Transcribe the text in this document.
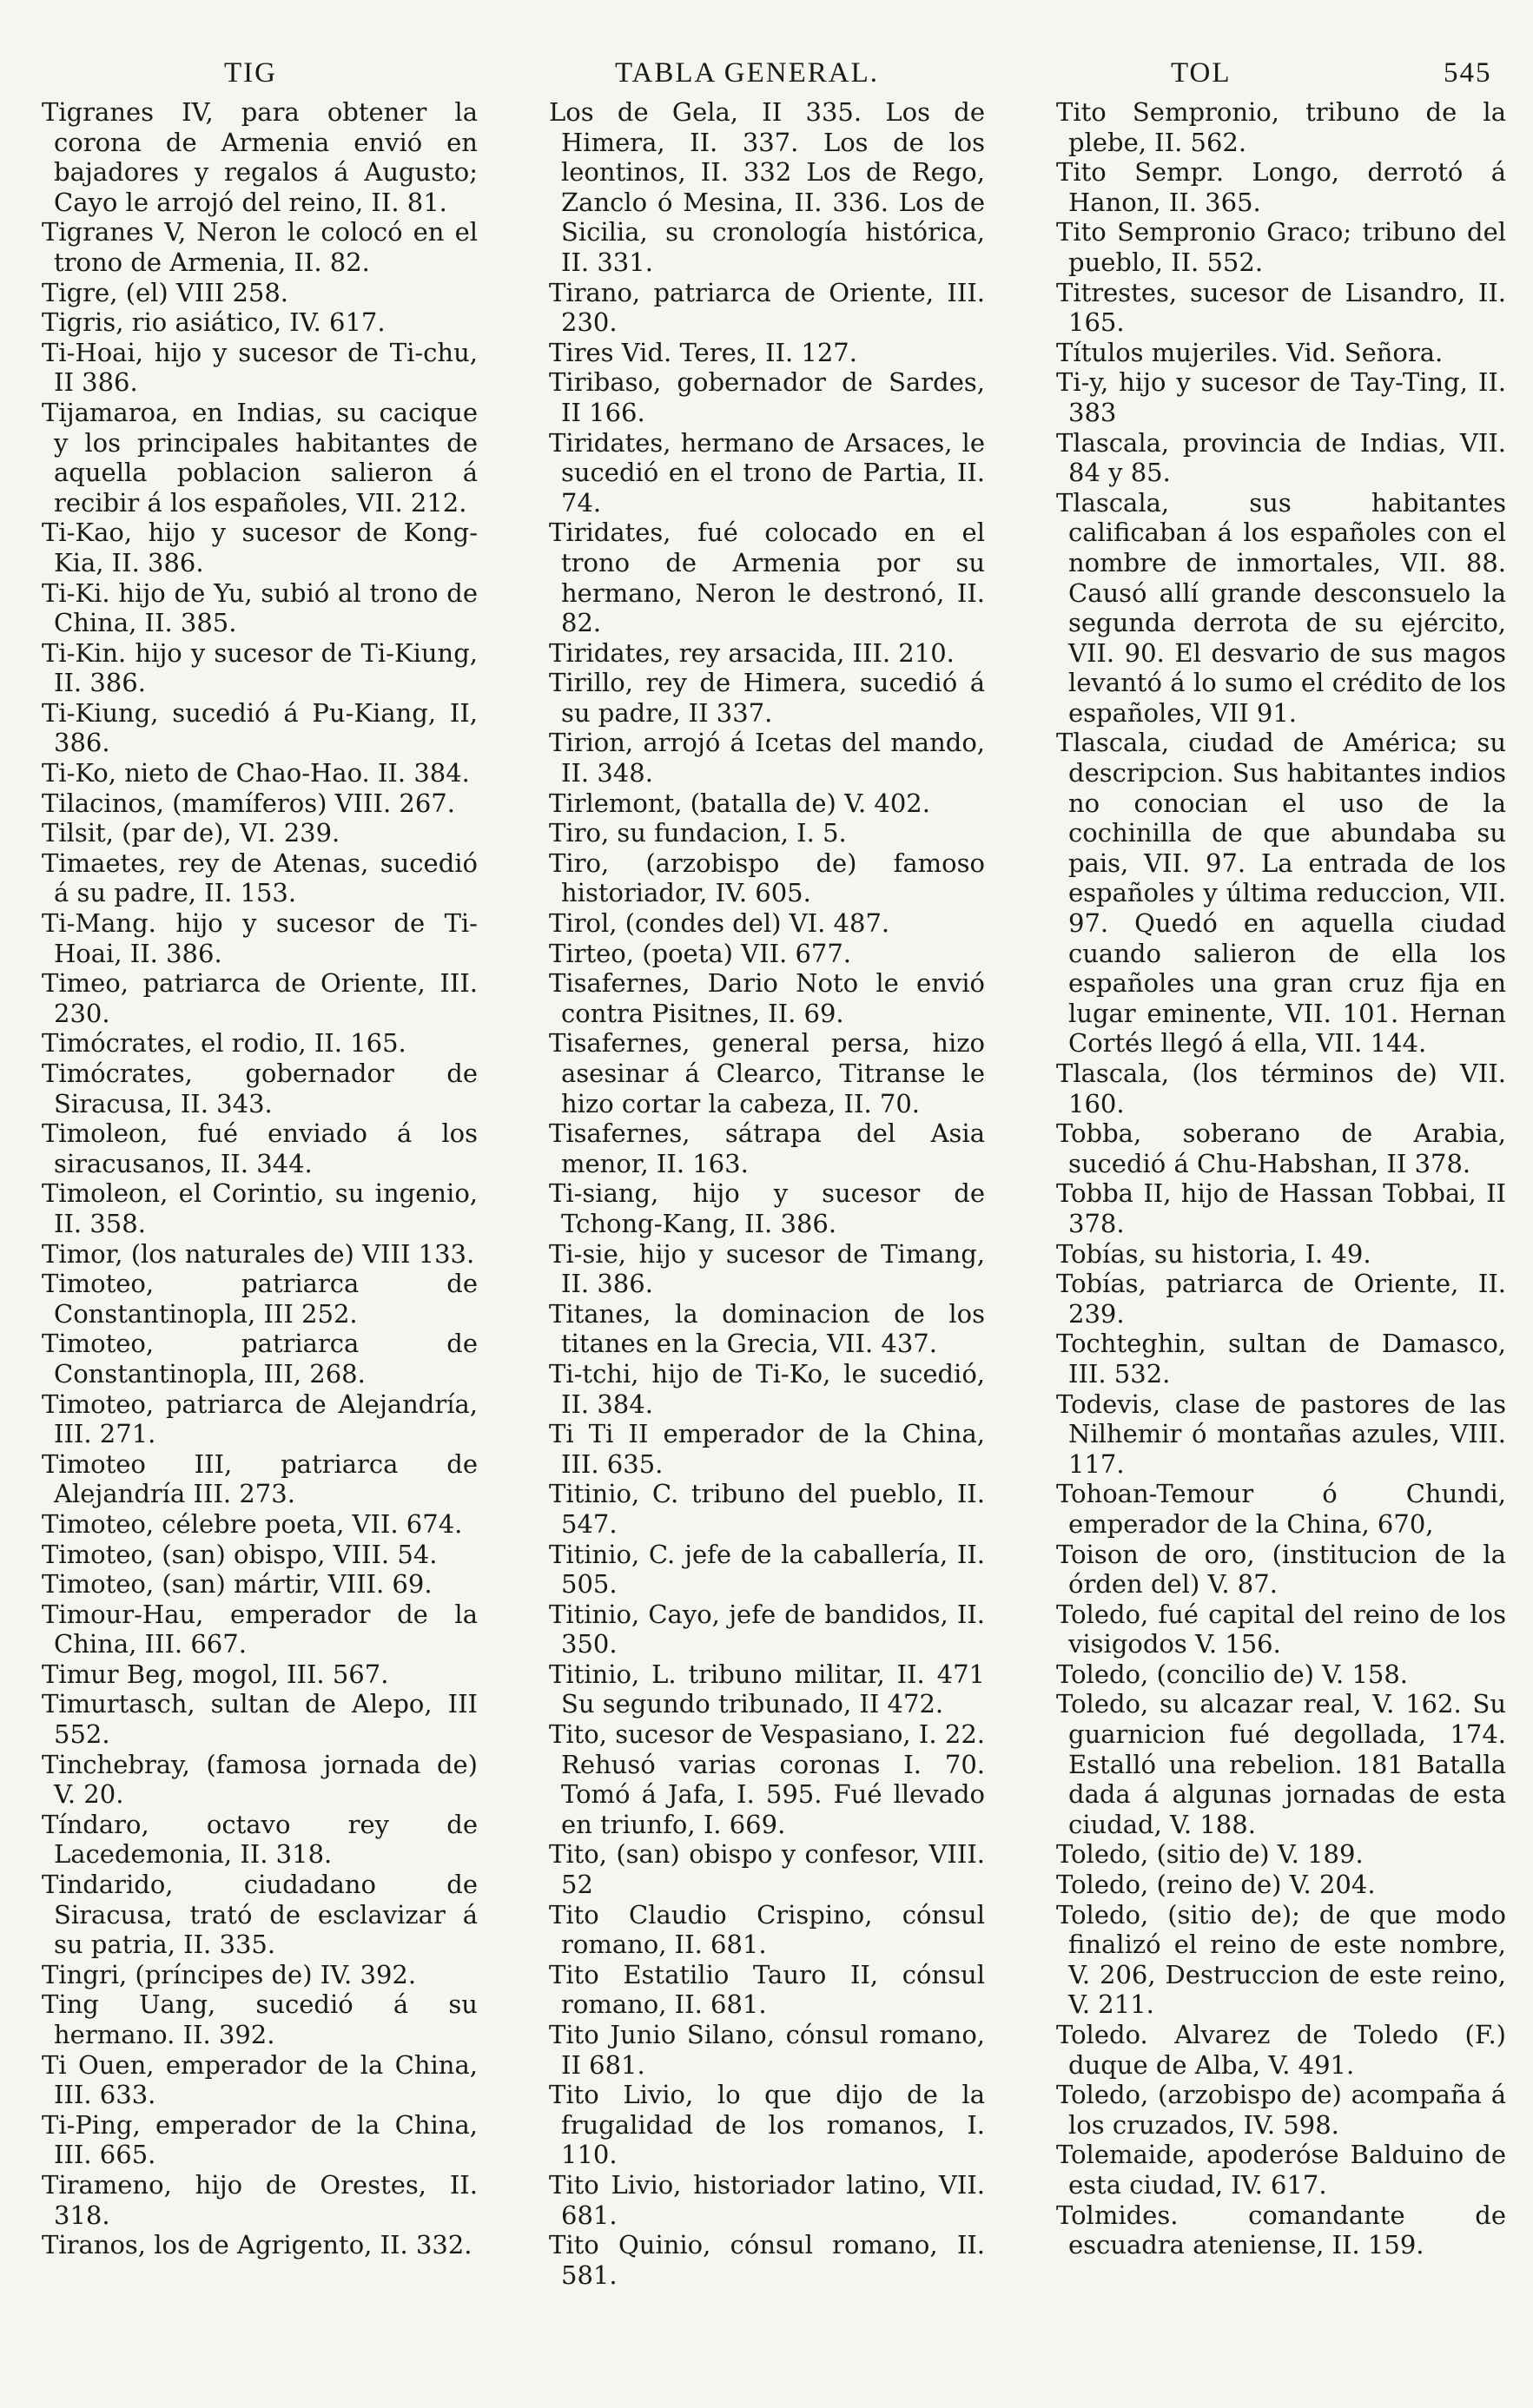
TIG	TABLA GENERAL.	TOL	545

Tigranes IV, para obtener la corona de Armenia envió en bajadores y regalos á Augusto; Cayo le arrojó del reino, II. 81.

Tigranes V, Neron le colocó en el trono de Armenia, II. 82.

Tigre, (el) VIII 258.

Tigris, rio asiático, IV. 617.

Ti-Hoai, hijo y sucesor de Ti-chu, II 386.

Tijamaroa, en Indias, su cacique y los principales habitantes de aquella poblacion salieron á recibir á los españoles, VII. 212.

Ti-Kao, hijo y sucesor de Kong-Kia, II. 386.

Ti-Ki. hijo de Yu, subió al trono de China, II. 385.

Ti-Kin. hijo y sucesor de Ti-Kiung, II. 386.

Ti-Kiung, sucedió á Pu-Kiang, II, 386.

Ti-Ko, nieto de Chao-Hao. II. 384.

Tilacinos, (mamíferos) VIII. 267.

Tilsit, (par de), VI. 239.

Timaetes, rey de Atenas, sucedió á su padre, II. 153.

Ti-Mang. hijo y sucesor de Ti-Hoai, II. 386.

Timeo, patriarca de Oriente, III. 230.

Timócrates, el rodio, II. 165.

Timócrates, gobernador de Siracusa, II. 343.

Timoleon, fué enviado á los siracusanos, II. 344.

Timoleon, el Corintio, su ingenio, II. 358.

Timor, (los naturales de) VIII 133.

Timoteo, patriarca de Constantinopla, III 252.

Timoteo, patriarca de Constantinopla, III, 268.

Timoteo, patriarca de Alejandría, III. 271.

Timoteo III, patriarca de Alejandría III. 273.

Timoteo, célebre poeta, VII. 674.

Timoteo, (san) obispo, VIII. 54.

Timoteo, (san) mártir, VIII. 69.

Timour-Hau, emperador de la China, III. 667.

Timur Beg, mogol, III. 567.

Timurtasch, sultan de Alepo, III 552.

Tinchebray, (famosa jornada de) V. 20.

Tíndaro, octavo rey de Lacedemonia, II. 318.

Tindarido, ciudadano de Siracusa, trató de esclavizar á su patria, II. 335.

Tingri, (príncipes de) IV. 392.

Ting Uang, sucedió á su hermano. II. 392.

Ti Ouen, emperador de la China, III. 633.

Ti-Ping, emperador de la China, III. 665.

Tirameno, hijo de Orestes, II. 318.

Tiranos, los de Agrigento, II. 332.

Los de Gela, II 335. Los de Himera, II. 337. Los de los leontinos, II. 332 Los de Rego, Zanclo ó Mesina, II. 336. Los de Sicilia, su cronología histórica, II. 331.

Tirano, patriarca de Oriente, III. 230.

Tires Vid. Teres, II. 127.

Tiribaso, gobernador de Sardes, II 166.

Tiridates, hermano de Arsaces, le sucedió en el trono de Partia, II. 74.

Tiridates, fué colocado en el trono de Armenia por su hermano, Neron le destronó, II. 82.

Tiridates, rey arsacida, III. 210.

Tirillo, rey de Himera, sucedió á su padre, II 337.

Tirion, arrojó á Icetas del mando, II. 348.

Tirlemont, (batalla de) V. 402.

Tiro, su fundacion, I. 5.

Tiro, (arzobispo de) famoso historiador, IV. 605.

Tirol, (condes del) VI. 487.

Tirteo, (poeta) VII. 677.

Tisafernes, Dario Noto le envió contra Pisitnes, II. 69.

Tisafernes, general persa, hizo asesinar á Clearco, Titranse le hizo cortar la cabeza, II. 70.

Tisafernes, sátrapa del Asia menor, II. 163.

Ti-siang, hijo y sucesor de Tchong-Kang, II. 386.

Ti-sie, hijo y sucesor de Timang, II. 386.

Titanes, la dominacion de los titanes en la Grecia, VII. 437.

Ti-tchi, hijo de Ti-Ko, le sucedió, II. 384.

Ti Ti II emperador de la China, III. 635.

Titinio, C. tribuno del pueblo, II. 547.

Titinio, C. jefe de la caballería, II. 505.

Titinio, Cayo, jefe de bandidos, II. 350.

Titinio, L. tribuno militar, II. 471 Su segundo tribunado, II 472.

Tito, sucesor de Vespasiano, I. 22. Rehusó varias coronas I. 70. Tomó á Jafa, I. 595. Fué llevado en triunfo, I. 669.

Tito, (san) obispo y confesor, VIII. 52

Tito Claudio Crispino, cónsul romano, II. 681.

Tito Estatilio Tauro II, cónsul romano, II. 681.

Tito Junio Silano, cónsul romano, II 681.

Tito Livio, lo que dijo de la frugalidad de los romanos, I. 110.

Tito Livio, historiador latino, VII. 681.

Tito Quinio, cónsul romano, II. 581.

Tito Sempronio, tribuno de la plebe, II. 562.

Tito Sempr. Longo, derrotó á Hanon, II. 365.

Tito Sempronio Graco; tribuno del pueblo, II. 552.

Titrestes, sucesor de Lisandro, II. 165.

Títulos mujeriles. Vid. Señora.

Ti-y, hijo y sucesor de Tay-Ting, II. 383

Tlascala, provincia de Indias, VII. 84 y 85.

Tlascala, sus habitantes calificaban á los españoles con el nombre de inmortales, VII. 88. Causó allí grande desconsuelo la segunda derrota de su ejército, VII. 90. El desvario de sus magos levantó á lo sumo el crédito de los españoles, VII 91.

Tlascala, ciudad de América; su descripcion. Sus habitantes indios no conocian el uso de la cochinilla de que abundaba su pais, VII. 97. La entrada de los españoles y última reduccion, VII. 97. Quedó en aquella ciudad cuando salieron de ella los españoles una gran cruz fija en lugar eminente, VII. 101. Hernan Cortés llegó á ella, VII. 144.

Tlascala, (los términos de) VII. 160.

Tobba, soberano de Arabia, sucedió á Chu-Habshan, II 378.

Tobba II, hijo de Hassan Tobbai, II 378.

Tobías, su historia, I. 49.

Tobías, patriarca de Oriente, II. 239.

Tochteghin, sultan de Damasco, III. 532.

Todevis, clase de pastores de las Nilhemir ó montañas azules, VIII. 117.

Tohoan-Temour ó Chundi, emperador de la China, 670,

Toison de oro, (institucion de la órden del) V. 87.

Toledo, fué capital del reino de los visigodos V. 156.

Toledo, (concilio de) V. 158.

Toledo, su alcazar real, V. 162. Su guarnicion fué degollada, 174. Estalló una rebelion. 181 Batalla dada á algunas jornadas de esta ciudad, V. 188.

Toledo, (sitio de) V. 189.

Toledo, (reino de) V. 204.

Toledo, (sitio de); de que modo finalizó el reino de este nombre, V. 206, Destruccion de este reino, V. 211.

Toledo. Alvarez de Toledo (F.) duque de Alba, V. 491.

Toledo, (arzobispo de) acompaña á los cruzados, IV. 598.

Tolemaide, apoderóse Balduino de esta ciudad, IV. 617.

Tolmides. comandante de escuadra ateniense, II. 159.
